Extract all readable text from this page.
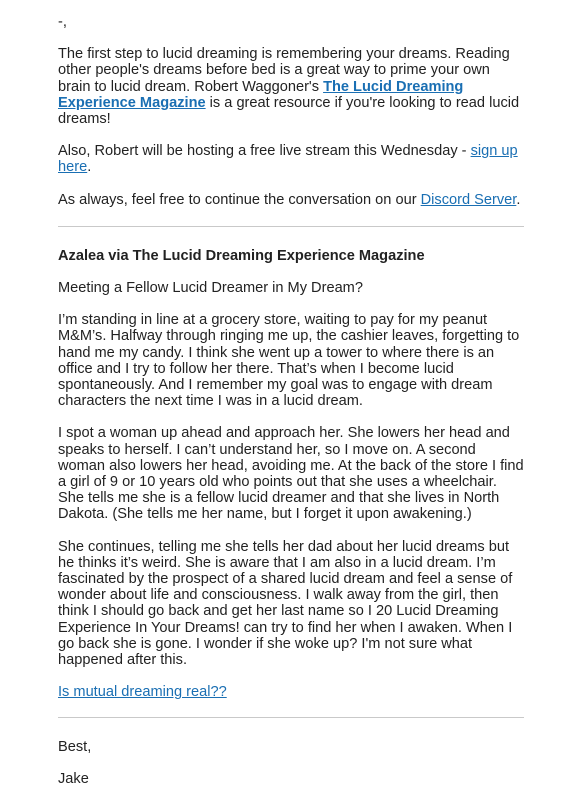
-,

The first step to lucid dreaming is remembering your dreams. Reading other people's dreams before bed is a great way to prime your own brain to lucid dream. Robert Waggoner's The Lucid Dreaming Experience Magazine is a great resource if you're looking to read lucid dreams!

Also, Robert will be hosting a free live stream this Wednesday - sign up here.

As always, feel free to continue the conversation on our Discord Server.

Azalea via The Lucid Dreaming Experience Magazine

Meeting a Fellow Lucid Dreamer in My Dream?

I’m standing in line at a grocery store, waiting to pay for my peanut M&M’s. Halfway through ringing me up, the cashier leaves, forgetting to hand me my candy. I think she went up a tower to where there is an office and I try to follow her there. That’s when I become lucid spontaneously. And I remember my goal was to engage with dream characters the next time I was in a lucid dream.

I spot a woman up ahead and approach her. She lowers her head and speaks to herself. I can’t understand her, so I move on. A second woman also lowers her head, avoiding me. At the back of the store I find a girl of 9 or 10 years old who points out that she uses a wheelchair. She tells me she is a fellow lucid dreamer and that she lives in North Dakota. (She tells me her name, but I forget it upon awakening.)

She continues, telling me she tells her dad about her lucid dreams but he thinks it’s weird. She is aware that I am also in a lucid dream. I’m fascinated by the prospect of a shared lucid dream and feel a sense of wonder about life and consciousness. I walk away from the girl, then think I should go back and get her last name so I 20 Lucid Dreaming Experience In Your Dreams! can try to find her when I awaken. When I go back she is gone. I wonder if she woke up? I'm not sure what happened after this.

Is mutual dreaming real??

Best,

Jake
